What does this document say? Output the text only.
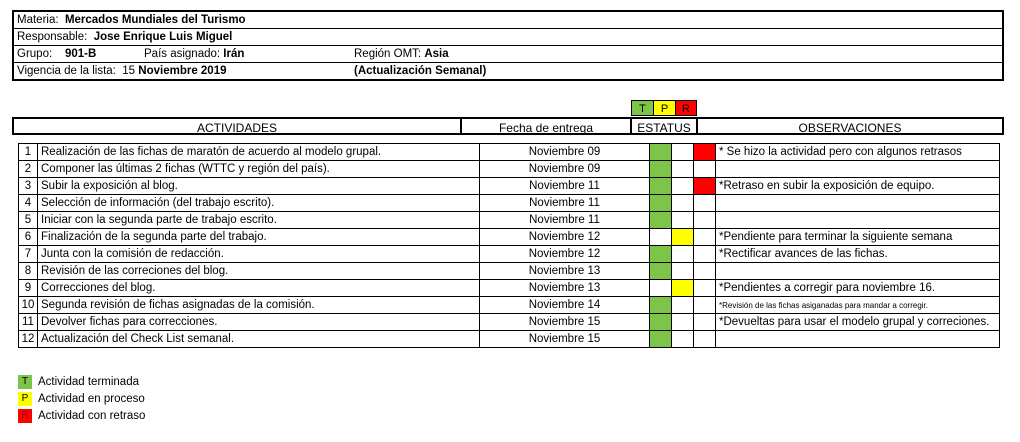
Materia: Mercados Mundiales del Turismo
Responsable: Jose Enrique Luis Miguel
Grupo: 901-B	País asignado: Irán	Región OMT: Asia
Vigencia de la lista: 15 Noviembre 2019	(Actualización Semanal)
T	P	R
ACTIVIDADES	Fecha de entrega	ESTATUS	OBSERVACIONES
1	Realización de las fichas de maratón de acuerdo al modelo grupal.	Noviembre 09				* Se hizo la actividad pero con algunos retrasos
2	Componer las últimas 2 fichas (WTTC y región del país).	Noviembre 09				
3	Subir la exposición al blog.	Noviembre 11				*Retraso en subir la exposición de equipo.
4	Selección de información (del trabajo escrito).	Noviembre 11				
5	Iniciar con la segunda parte de trabajo escrito.	Noviembre 11				
6	Finalización de la segunda parte del trabajo.	Noviembre 12				*Pendiente para terminar la siguiente semana
7	Junta con la comisión de redacción.	Noviembre 12				*Rectificar avances de las fichas.
8	Revisión de las correciones del blog.	Noviembre 13				
9	Correcciones del blog.	Noviembre 13				*Pendientes a corregir para noviembre 16.
10	Segunda revisión de fichas asignadas de la comisión.	Noviembre 14				*Revisión de las fichas asiganadas para mandar a corregir.
11	Devolver fichas para correcciones.	Noviembre 15				*Devueltas para usar el modelo grupal y correciones.
12	Actualización del Check List semanal.	Noviembre 15				
T Actividad terminada
P Actividad en proceso
R Actividad con retraso
